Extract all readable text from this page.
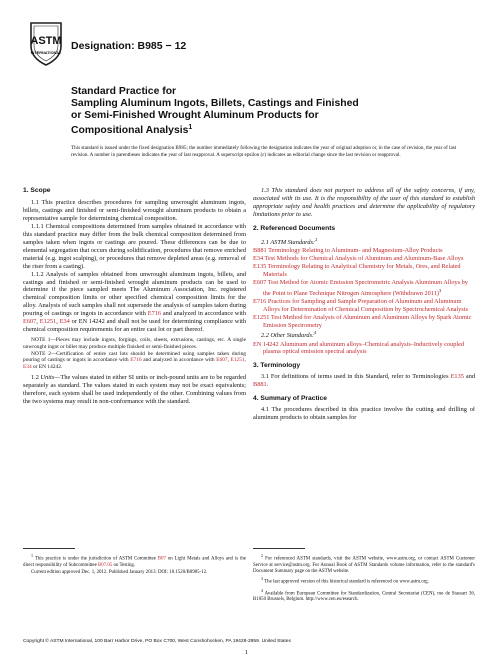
ASTM
INTERNATIONAL
Designation: B985 − 12
Standard Practice for
Sampling Aluminum Ingots, Billets, Castings and Finished
or Semi-Finished Wrought Aluminum Products for
Compositional Analysis$^1$
This standard is issued under the fixed designation B985; the number immediately following the designation indicates the year of original adoption or, in the case of revision, the year of last revision. A number in parentheses indicates the year of last reapproval. A superscript epsilon (ε) indicates an editorial change since the last revision or reapproval.

1. Scope

1.1 This practice describes procedures for sampling unwrought aluminum ingots, billets, castings and finished or semi-finished wrought aluminum products to obtain a representative sample for determining chemical composition.

1.1.1 Chemical compositions determined from samples obtained in accordance with this standard practice may differ from the bulk chemical composition determined from samples taken when ingots or castings are poured. These differences can be due to elemental segregation that occurs during solidification, procedures that remove enriched material (e.g. ingot scalping), or procedures that remove depleted areas (e.g. removal of the riser from a casting).

1.1.2 Analysis of samples obtained from unwrought aluminum ingots, billets, and castings and finished or semi-finished wrought aluminum products can be used to determine if the piece sampled meets The Aluminum Association, Inc. registered chemical composition limits or other specified chemical composition limits for the alloy. Analysis of such samples shall not supersede the analysis of samples taken during pouring of castings or ingots in accordance with E716 and analyzed in accordance with E607, E1251, E34 or EN 14242 and shall not be used for determining compliance with chemical composition requirements for an entire cast lot or part thereof.

NOTE 1—Pieces may include ingots, forgings, coils, sheets, extrusions, castings, etc. A single unwrought ingot or billet may produce multiple finished or semi-finished pieces.

NOTE 2—Certification of entire cast lots should be determined using samples taken during pouring of castings or ingots in accordance with E716 and analyzed in accordance with E607, E1251, E34 or EN 14242.

1.2 Units—The values stated in either SI units or inch-pound units are to be regarded separately as standard. The values stated in each system may not be exact equivalents; therefore, each system shall be used independently of the other. Combining values from the two systems may result in non-conformance with the standard.

1.3 This standard does not purport to address all of the safety concerns, if any, associated with its use. It is the responsibility of the user of this standard to establish appropriate safety and health practices and determine the applicability of regulatory limitations prior to use.

2. Referenced Documents

2.1 ASTM Standards:$^2$

B881 Terminology Relating to Aluminum- and Magnesium-Alloy Products

E34 Test Methods for Chemical Analysis of Aluminum and Aluminum-Base Alloys

E135 Terminology Relating to Analytical Chemistry for Metals, Ores, and Related Materials

E607 Test Method for Atomic Emission Spectrometric Analysis Aluminum Alloys by the Point to Plane Technique Nitrogen Atmosphere (Withdrawn 2011)$^3$

E716 Practices for Sampling and Sample Preparation of Aluminum and Aluminum Alloys for Determination of Chemical Composition by Spectrochemical Analysis

E1251 Test Method for Analysis of Aluminum and Aluminum Alloys by Spark Atomic Emission Spectrometry

2.2 Other Standards:$^4$

EN 14242 Aluminum and aluminum alloys–Chemical analysis–Inductively coupled plasma optical emission spectral analysis

3. Terminology

3.1 For definitions of terms used in this Standard, refer to Terminologies E135 and B881.

4. Summary of Practice

4.1 The procedures described in this practice involve the cutting and drilling of aluminum products to obtain samples for

$^1$ This practice is under the jurisdiction of ASTM Committee B07 on Light Metals and Alloys and is the direct responsibility of Subcommittee B07.05 on Testing.

Current edition approved Dec. 1, 2012. Published January 2013. DOI: 10.1520/B0985-12.

$^2$ For referenced ASTM standards, visit the ASTM website, www.astm.org, or contact ASTM Customer Service at service@astm.org. For Annual Book of ASTM Standards volume information, refer to the standard's Document Summary page on the ASTM website.

$^3$ The last approved version of this historical standard is referenced on www.astm.org.

$^4$ Available from European Committee for Standardization, Central Secretariat (CEN), rue de Stassart 36, B1050 Brussels, Belgium. http://www.cen.eu/esearch.

Copyright © ASTM International, 100 Barr Harbor Drive, PO Box C700, West Conshohocken, PA 19428-2959. United States
1
